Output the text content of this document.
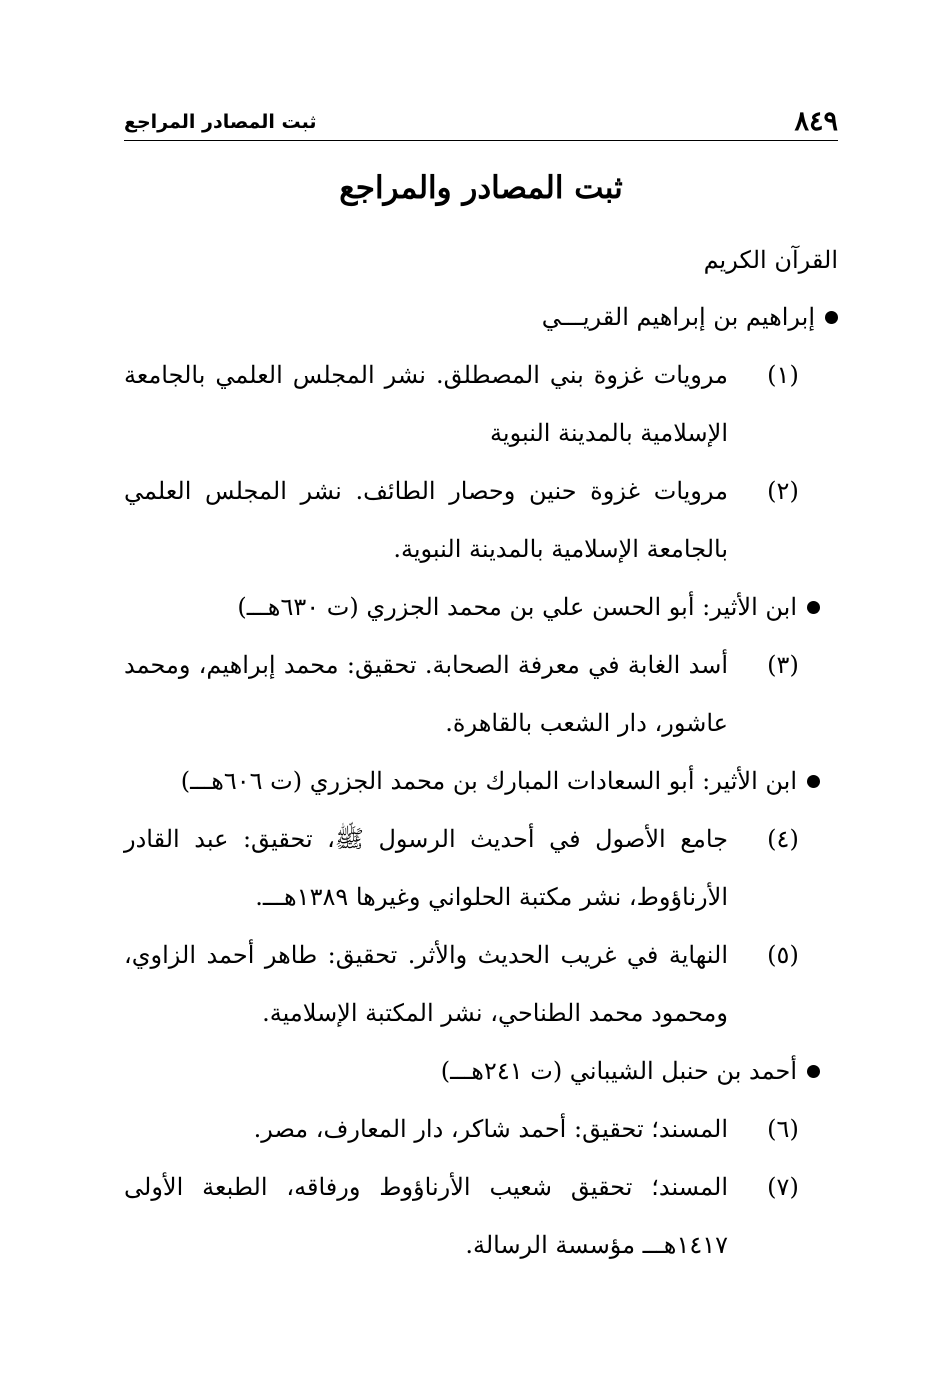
٨٤٩
ثبت المصادر المراجع
ثبت المصادر والمراجع
القرآن الكريم
إبراهيم بن إبراهيم القريـــي
(١)
مرويات غزوة بني المصطلق. نشر المجلس العلمي بالجامعة الإسلامية بالمدينة النبوية
(٢)
مرويات غزوة حنين وحصار الطائف. نشر المجلس العلمي بالجامعة الإسلامية بالمدينة النبوية.
ابن الأثير: أبو الحسن علي بن محمد الجزري (ت ٦٣٠هـــ)
(٣)
أسد الغابة في معرفة الصحابة. تحقيق: محمد إبراهيم، ومحمد عاشور، دار الشعب بالقاهرة.
ابن الأثير: أبو السعادات المبارك بن محمد الجزري (ت ٦٠٦هـــ)
(٤)
جامع الأصول في أحديث الرسول ﷺ، تحقيق: عبد القادر الأرناؤوط، نشر مكتبة الحلواني وغيرها ١٣٨٩هـــ.
(٥)
النهاية في غريب الحديث والأثر. تحقيق: طاهر أحمد الزاوي، ومحمود محمد الطناحي، نشر المكتبة الإسلامية.
أحمد بن حنبل الشيباني (ت ٢٤١هـــ)
(٦)
المسند؛ تحقيق: أحمد شاكر، دار المعارف، مصر.
(٧)
المسند؛ تحقيق شعيب الأرناؤوط ورفاقه، الطبعة الأولى ١٤١٧هـــ مؤسسة الرسالة.
